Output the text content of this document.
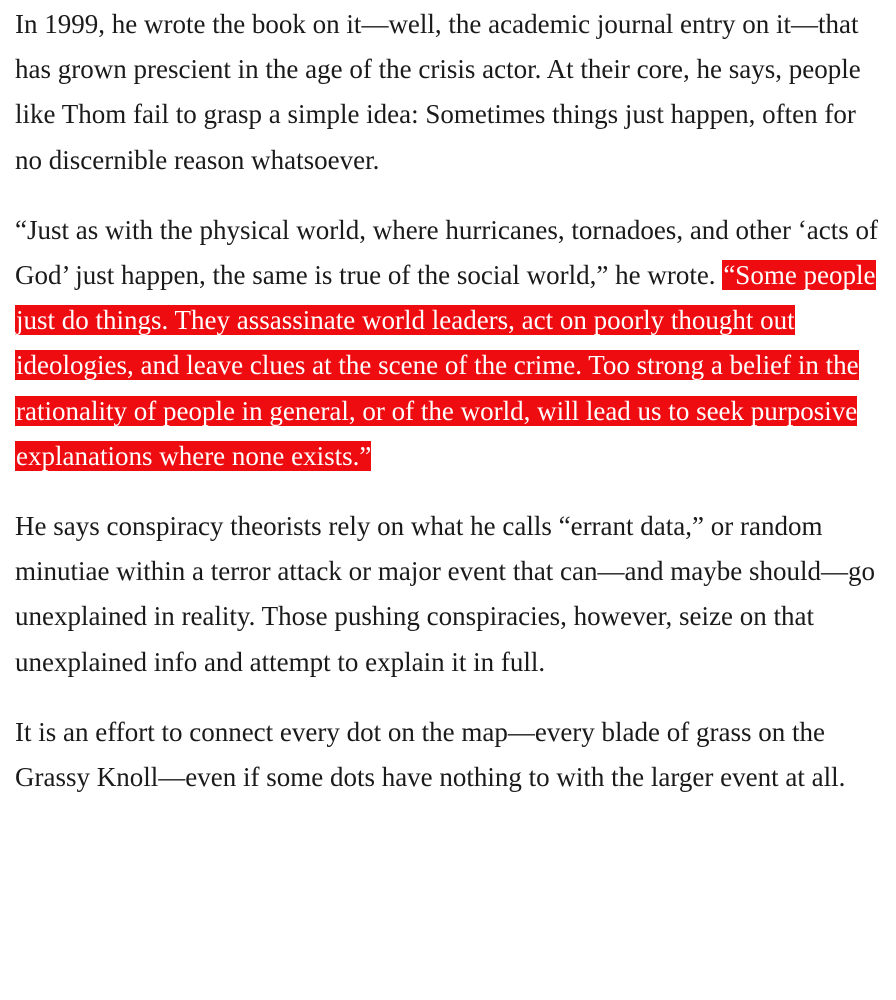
In 1999, he wrote the book on it—well, the academic journal entry on it—that has grown prescient in the age of the crisis actor. At their core, he says, people like Thom fail to grasp a simple idea: Sometimes things just happen, often for no discernible reason whatsoever.

“Just as with the physical world, where hurricanes, tornadoes, and other ‘acts of God’ just happen, the same is true of the social world,” he wrote. “Some people just do things. They assassinate world leaders, act on poorly thought out ideologies, and leave clues at the scene of the crime. Too strong a belief in the rationality of people in general, or of the world, will lead us to seek purposive explanations where none exists.”

He says conspiracy theorists rely on what he calls “errant data,” or random minutiae within a terror attack or major event that can—and maybe should—go unexplained in reality. Those pushing conspiracies, however, seize on that unexplained info and attempt to explain it in full.

It is an effort to connect every dot on the map—every blade of grass on the Grassy Knoll—even if some dots have nothing to with the larger event at all.
